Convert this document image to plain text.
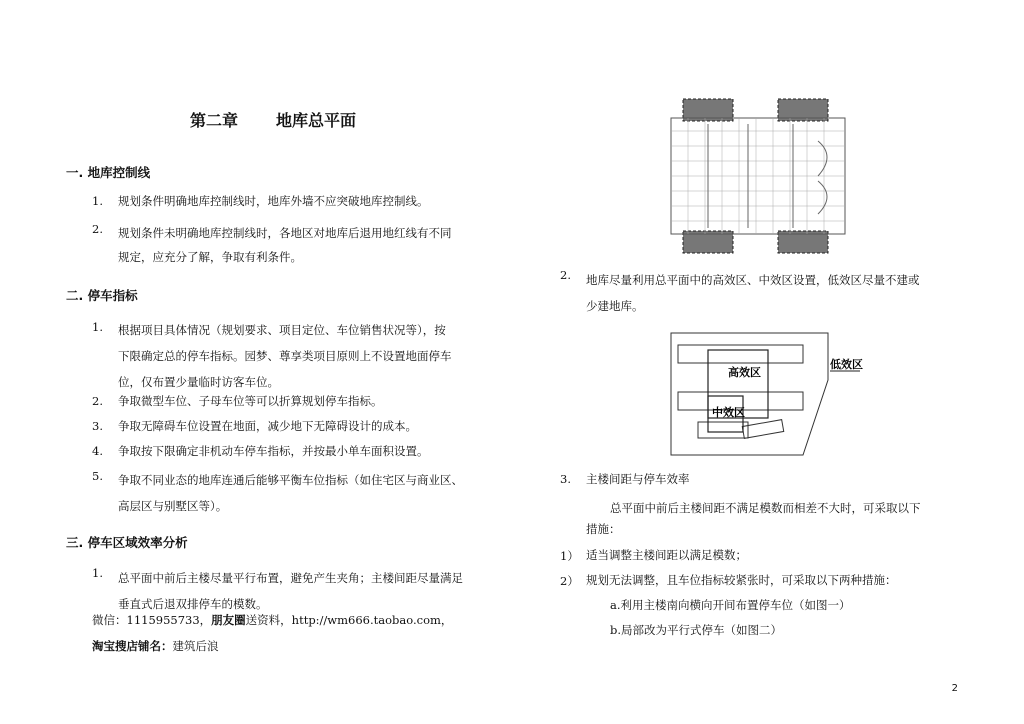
第二章 地库总平面
一. 地库控制线
1. 规划条件明确地库控制线时，地库外墙不应突破地库控制线。
2. 规划条件未明确地库控制线时，各地区对地库后退用地红线有不同
规定，应充分了解，争取有利条件。
二. 停车指标
1. 根据项目具体情况（规划要求、项目定位、车位销售状况等），按
下限确定总的停车指标。园梦、尊享类项目原则上不设置地面停车
位，仅布置少量临时访客车位。
2. 争取微型车位、子母车位等可以折算规划停车指标。
3. 争取无障碍车位设置在地面，减少地下无障碍设计的成本。
4. 争取按下限确定非机动车停车指标，并按最小单车面积设置。
5. 争取不同业态的地库连通后能够平衡车位指标（如住宅区与商业区、
高层区与别墅区等）。
三. 停车区域效率分析
1. 总平面中前后主楼尽量平行布置，避免产生夹角；主楼间距尽量满足
垂直式后退双排停车的模数。
微信：1115955733，朋友圈送资料，http://wm666.taobao.com，
淘宝搜店铺名：建筑后浪
2. 地库尽量利用总平面中的高效区、中效区设置，低效区尽量不建或
少建地库。
高效区
中效区
低效区
3. 主楼间距与停车效率
总平面中前后主楼间距不满足模数而相差不大时，可采取以下
措施：
1） 适当调整主楼间距以满足模数；
2） 规划无法调整，且车位指标较紧张时，可采取以下两种措施：
a.利用主楼南向横向开间布置停车位（如图一）
b.局部改为平行式停车（如图二）
2
